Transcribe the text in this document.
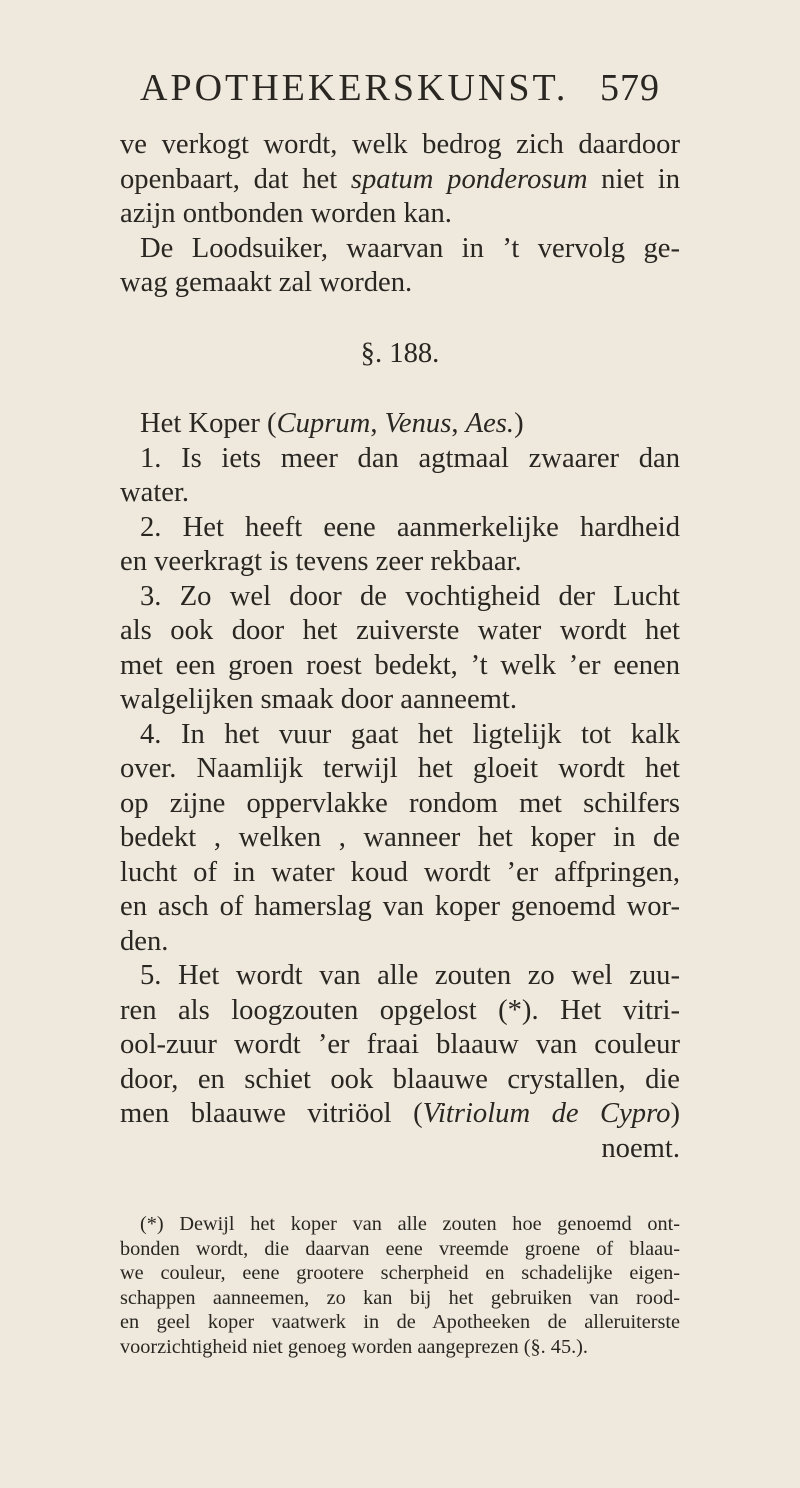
APOTHEKERSKUNST. 579

ve verkogt wordt, welk bedrog zich daardoor
openbaart, dat het spatum ponderosum niet in
azijn ontbonden worden kan.

De Loodsuiker, waarvan in ’t vervolg ge-
wag gemaakt zal worden.

§. 188.

Het Koper (Cuprum, Venus, Aes.)

1. Is iets meer dan agtmaal zwaarer dan
water.

2. Het heeft eene aanmerkelijke hardheid
en veerkragt is tevens zeer rekbaar.

3. Zo wel door de vochtigheid der Lucht
als ook door het zuiverste water wordt het
met een groen roest bedekt, ’t welk ’er eenen
walgelijken smaak door aanneemt.

4. In het vuur gaat het ligtelijk tot kalk
over. Naamlijk terwijl het gloeit wordt het
op zijne oppervlakke rondom met schilfers
bedekt , welken , wanneer het koper in de
lucht of in water koud wordt ’er affpringen,
en asch of hamerslag van koper genoemd wor-
den.

5. Het wordt van alle zouten zo wel zuu-
ren als loogzouten opgelost (*). Het vitri-
ool-zuur wordt ’er fraai blaauw van couleur
door, en schiet ook blaauwe crystallen, die
men blaauwe vitriöol (Vitriolum de Cypro)
noemt.

(*) Dewijl het koper van alle zouten hoe genoemd ont-
bonden wordt, die daarvan eene vreemde groene of blaau-
we couleur, eene grootere scherpheid en schadelijke eigen-
schappen aanneemen, zo kan bij het gebruiken van rood-
en geel koper vaatwerk in de Apotheeken de alleruiterste
voorzichtigheid niet genoeg worden aangeprezen (§. 45.).
